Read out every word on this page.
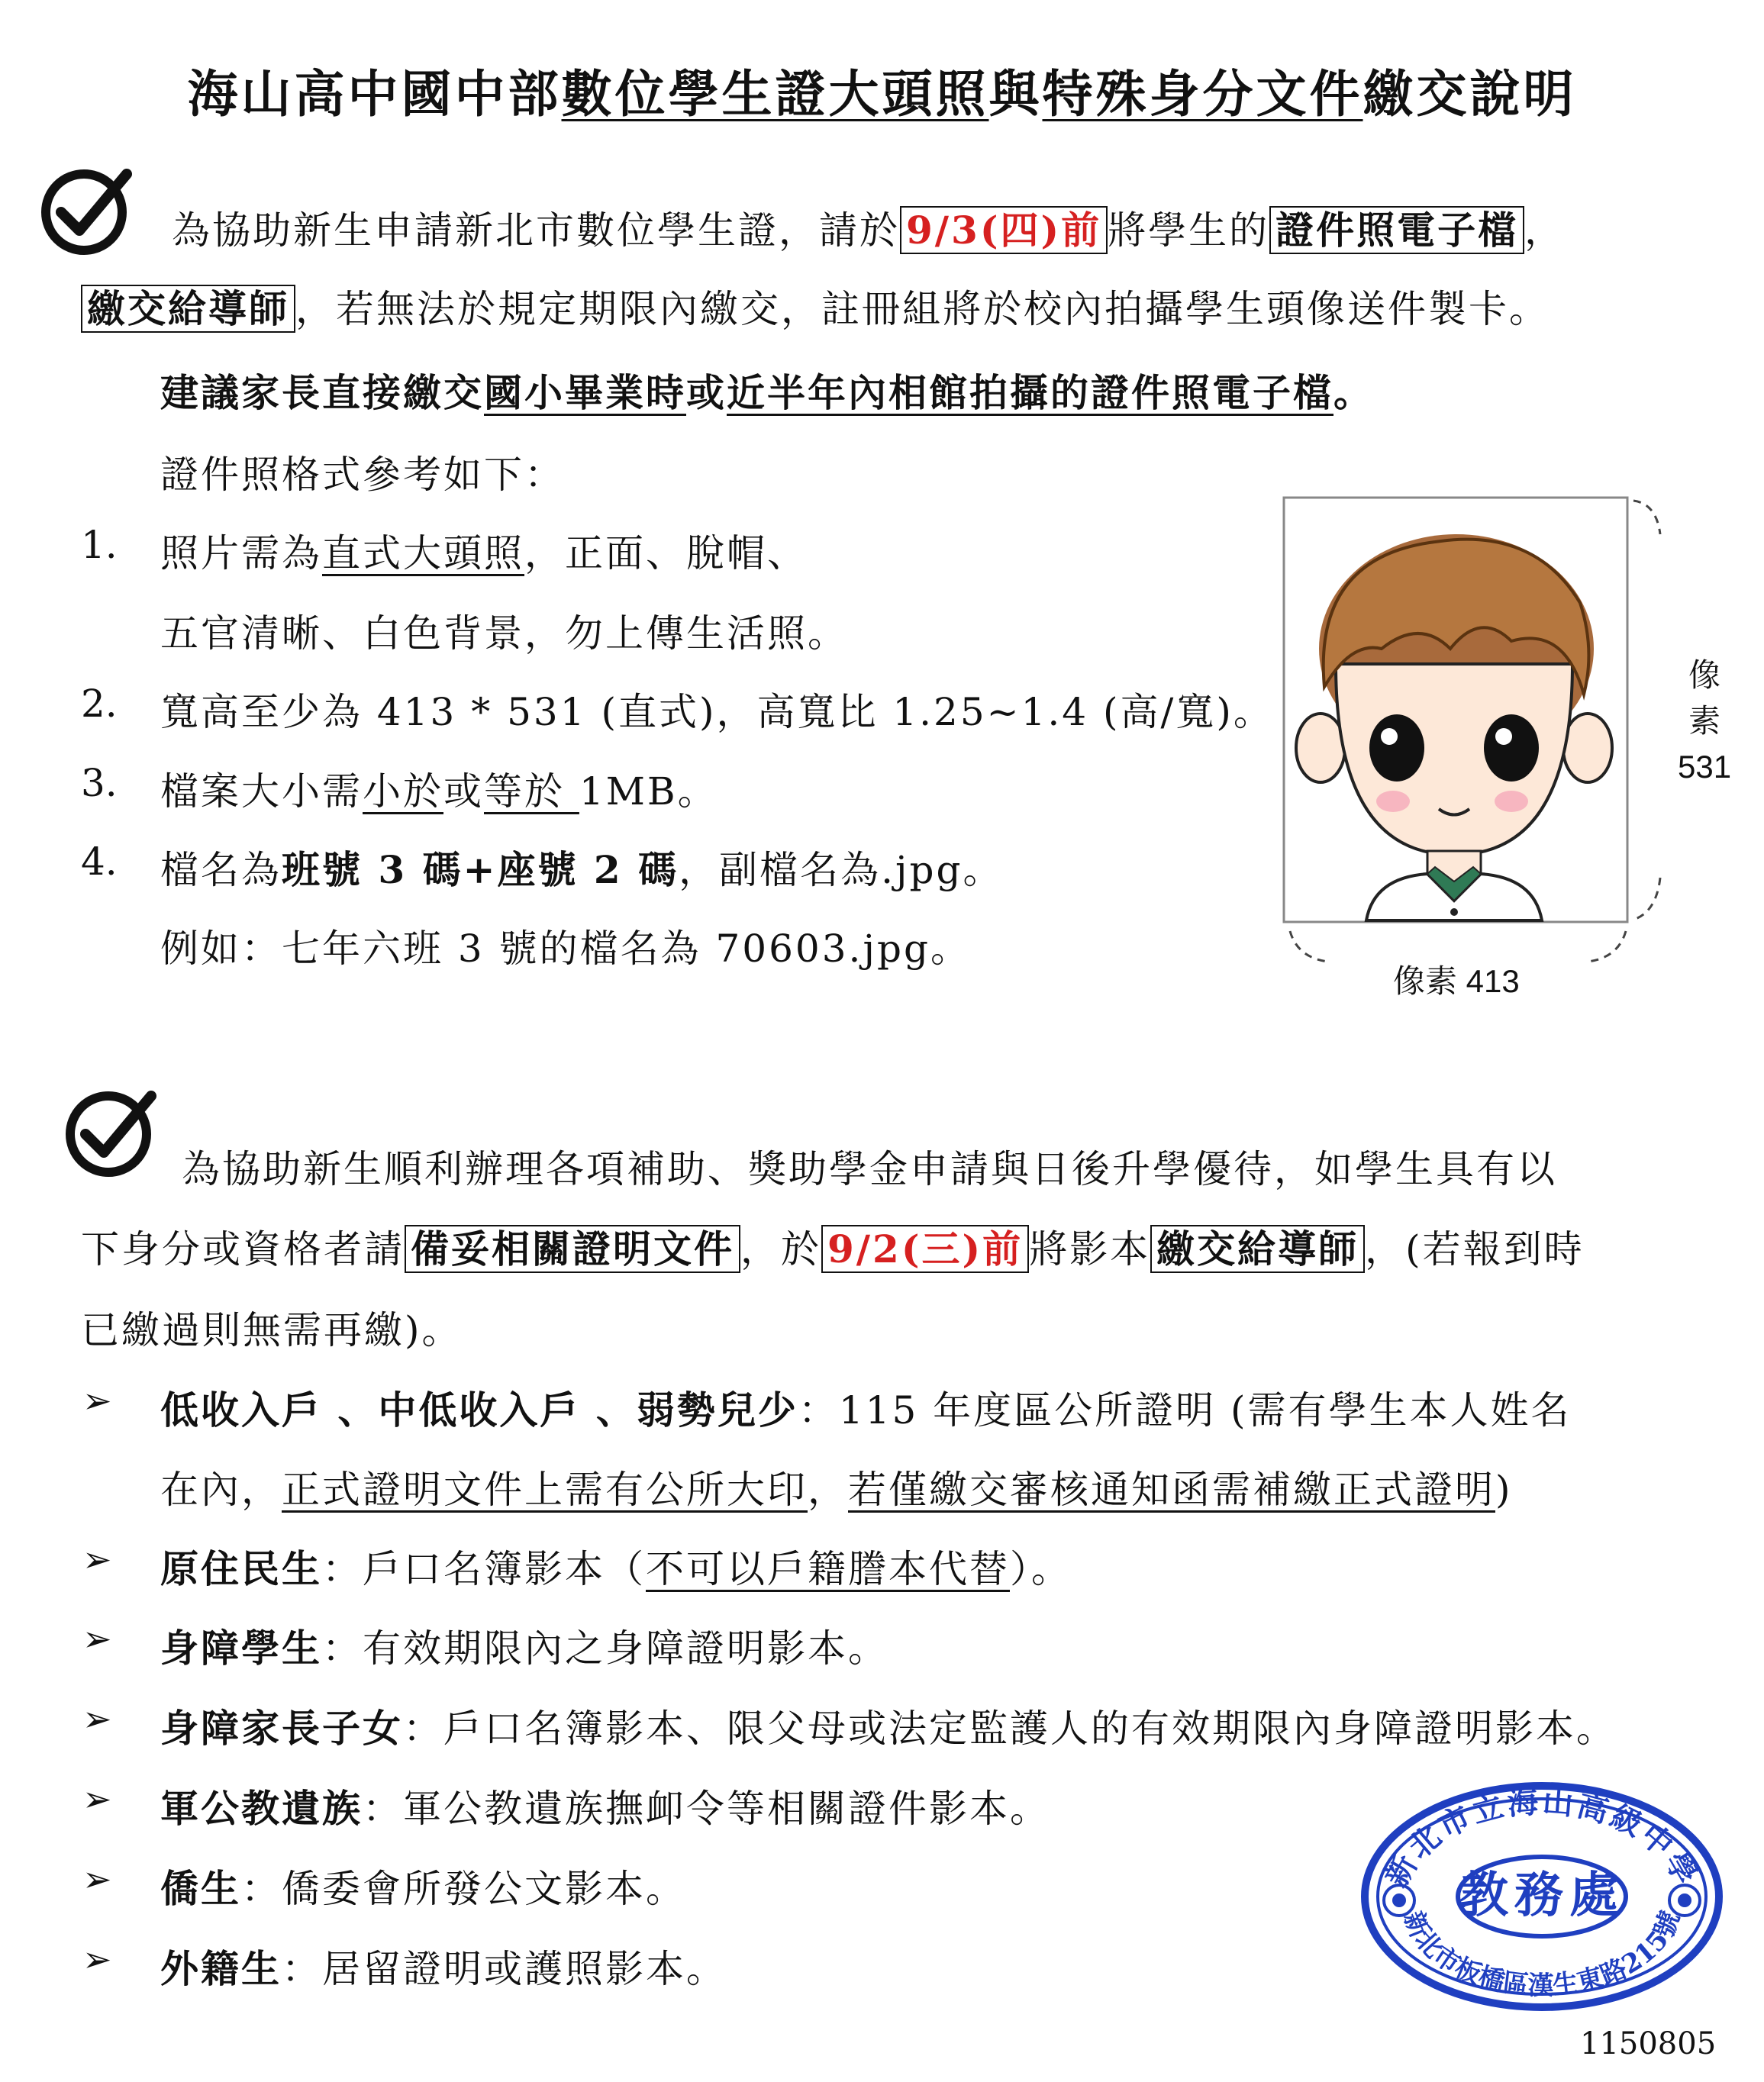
海山高中國中部數位學生證大頭照與特殊身分文件繳交說明
為協助新生申請新北市數位學生證，請於 9/3(四)前 將學生的 證件照電子檔 ，
繳交給導師 ，若無法於規定期限內繳交，註冊組將於校內拍攝學生頭像送件製卡。
建議家長直接繳交國小畢業時或近半年內相館拍攝的證件照電子檔。
證件照格式參考如下：
1. 照片需為直式大頭照，正面、脫帽、
五官清晰、白色背景，勿上傳生活照。
2. 寬高至少為 413 * 531 (直式)，高寬比 1.25~1.4 (高/寬)。
3. 檔案大小需小於或等於 1MB。
4. 檔名為班號 3 碼+座號 2 碼，副檔名為.jpg。
例如：七年六班 3 號的檔名為 70603.jpg。
像
素
531
像素 413
為協助新生順利辦理各項補助、獎助學金申請與日後升學優待，如學生具有以
下身分或資格者請 備妥相關證明文件 ，於 9/2(三)前 將影本 繳交給導師 ，(若報到時
已繳過則無需再繳)。
➢ 低收入戶 、中低收入戶 、弱勢兒少：115 年度區公所證明 (需有學生本人姓名
在內，正式證明文件上需有公所大印，若僅繳交審核通知函需補繳正式證明)
➢ 原住民生：戶口名簿影本（不可以戶籍謄本代替）。
➢ 身障學生：有效期限內之身障證明影本。
➢ 身障家長子女：戶口名簿影本、限父母或法定監護人的有效期限內身障證明影本。
➢ 軍公教遺族：軍公教遺族撫卹令等相關證件影本。
➢ 僑生：僑委會所發公文影本。
➢ 外籍生：居留證明或護照影本。
新北市立海山高級中學
教務處
新北市板橋區漢生東路215號
1150805
